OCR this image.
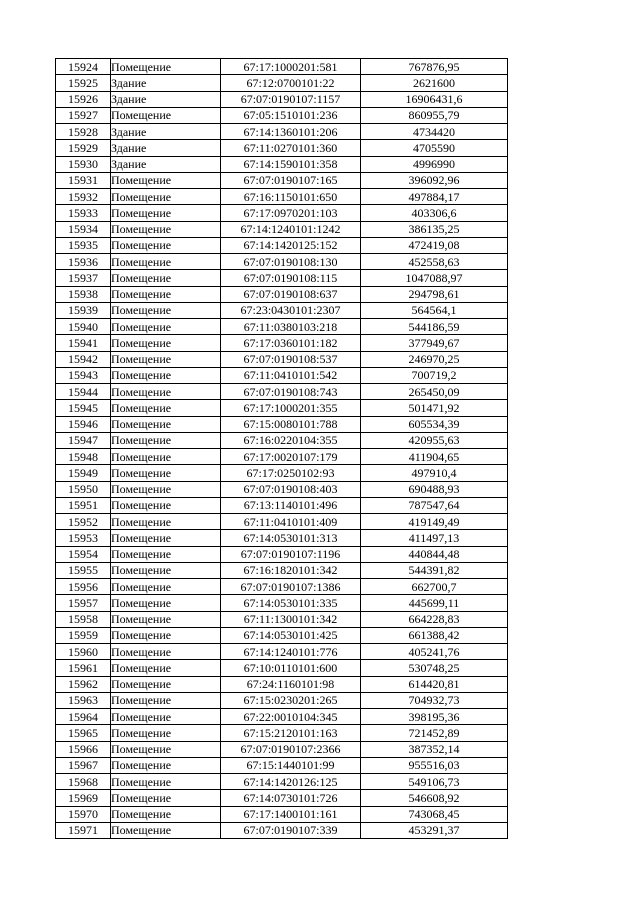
15924	Помещение	67:17:1000201:581	767876,95
15925	Здание	67:12:0700101:22	2621600
15926	Здание	67:07:0190107:1157	16906431,6
15927	Помещение	67:05:1510101:236	860955,79
15928	Здание	67:14:1360101:206	4734420
15929	Здание	67:11:0270101:360	4705590
15930	Здание	67:14:1590101:358	4996990
15931	Помещение	67:07:0190107:165	396092,96
15932	Помещение	67:16:1150101:650	497884,17
15933	Помещение	67:17:0970201:103	403306,6
15934	Помещение	67:14:1240101:1242	386135,25
15935	Помещение	67:14:1420125:152	472419,08
15936	Помещение	67:07:0190108:130	452558,63
15937	Помещение	67:07:0190108:115	1047088,97
15938	Помещение	67:07:0190108:637	294798,61
15939	Помещение	67:23:0430101:2307	564564,1
15940	Помещение	67:11:0380103:218	544186,59
15941	Помещение	67:17:0360101:182	377949,67
15942	Помещение	67:07:0190108:537	246970,25
15943	Помещение	67:11:0410101:542	700719,2
15944	Помещение	67:07:0190108:743	265450,09
15945	Помещение	67:17:1000201:355	501471,92
15946	Помещение	67:15:0080101:788	605534,39
15947	Помещение	67:16:0220104:355	420955,63
15948	Помещение	67:17:0020107:179	411904,65
15949	Помещение	67:17:0250102:93	497910,4
15950	Помещение	67:07:0190108:403	690488,93
15951	Помещение	67:13:1140101:496	787547,64
15952	Помещение	67:11:0410101:409	419149,49
15953	Помещение	67:14:0530101:313	411497,13
15954	Помещение	67:07:0190107:1196	440844,48
15955	Помещение	67:16:1820101:342	544391,82
15956	Помещение	67:07:0190107:1386	662700,7
15957	Помещение	67:14:0530101:335	445699,11
15958	Помещение	67:11:1300101:342	664228,83
15959	Помещение	67:14:0530101:425	661388,42
15960	Помещение	67:14:1240101:776	405241,76
15961	Помещение	67:10:0110101:600	530748,25
15962	Помещение	67:24:1160101:98	614420,81
15963	Помещение	67:15:0230201:265	704932,73
15964	Помещение	67:22:0010104:345	398195,36
15965	Помещение	67:15:2120101:163	721452,89
15966	Помещение	67:07:0190107:2366	387352,14
15967	Помещение	67:15:1440101:99	955516,03
15968	Помещение	67:14:1420126:125	549106,73
15969	Помещение	67:14:0730101:726	546608,92
15970	Помещение	67:17:1400101:161	743068,45
15971	Помещение	67:07:0190107:339	453291,37
